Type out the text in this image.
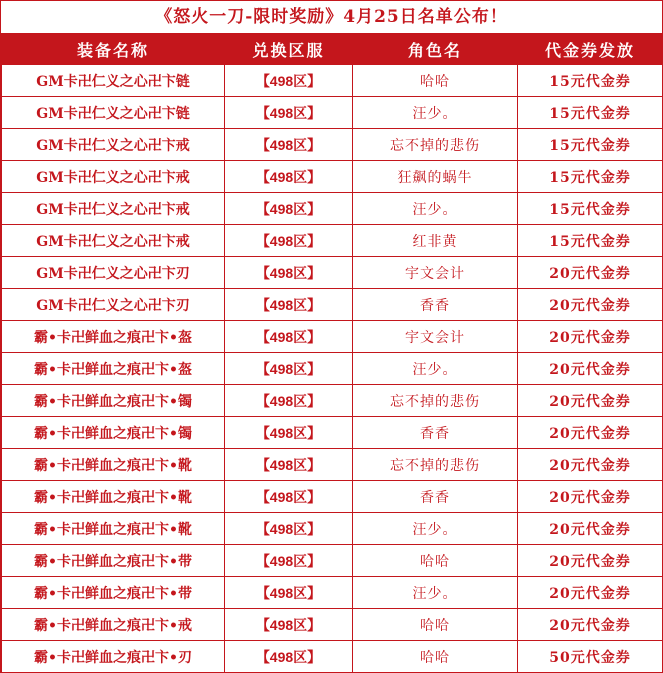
《怒火一刀-限时奖励》4月25日名单公布！
装备名称	兑换区服	角色名	代金券发放
GM卡卍仁义之心卍卞链	【498区】	哈哈	15元代金券
GM卡卍仁义之心卍卞链	【498区】	汪少。	15元代金券
GM卡卍仁义之心卍卞戒	【498区】	忘不掉的悲伤	15元代金券
GM卡卍仁义之心卍卞戒	【498区】	狂飙的蜗牛	15元代金券
GM卡卍仁义之心卍卞戒	【498区】	汪少。	15元代金券
GM卡卍仁义之心卍卞戒	【498区】	红非黄	15元代金券
GM卡卍仁义之心卍卞刃	【498区】	宇文会计	20元代金券
GM卡卍仁义之心卍卞刃	【498区】	香香	20元代金券
霸•卡卍鲜血之痕卍卞•盔	【498区】	宇文会计	20元代金券
霸•卡卍鲜血之痕卍卞•盔	【498区】	汪少。	20元代金券
霸•卡卍鲜血之痕卍卞•镯	【498区】	忘不掉的悲伤	20元代金券
霸•卡卍鲜血之痕卍卞•镯	【498区】	香香	20元代金券
霸•卡卍鲜血之痕卍卞•靴	【498区】	忘不掉的悲伤	20元代金券
霸•卡卍鲜血之痕卍卞•靴	【498区】	香香	20元代金券
霸•卡卍鲜血之痕卍卞•靴	【498区】	汪少。	20元代金券
霸•卡卍鲜血之痕卍卞•带	【498区】	哈哈	20元代金券
霸•卡卍鲜血之痕卍卞•带	【498区】	汪少。	20元代金券
霸•卡卍鲜血之痕卍卞•戒	【498区】	哈哈	20元代金券
霸•卡卍鲜血之痕卍卞•刃	【498区】	哈哈	50元代金券
